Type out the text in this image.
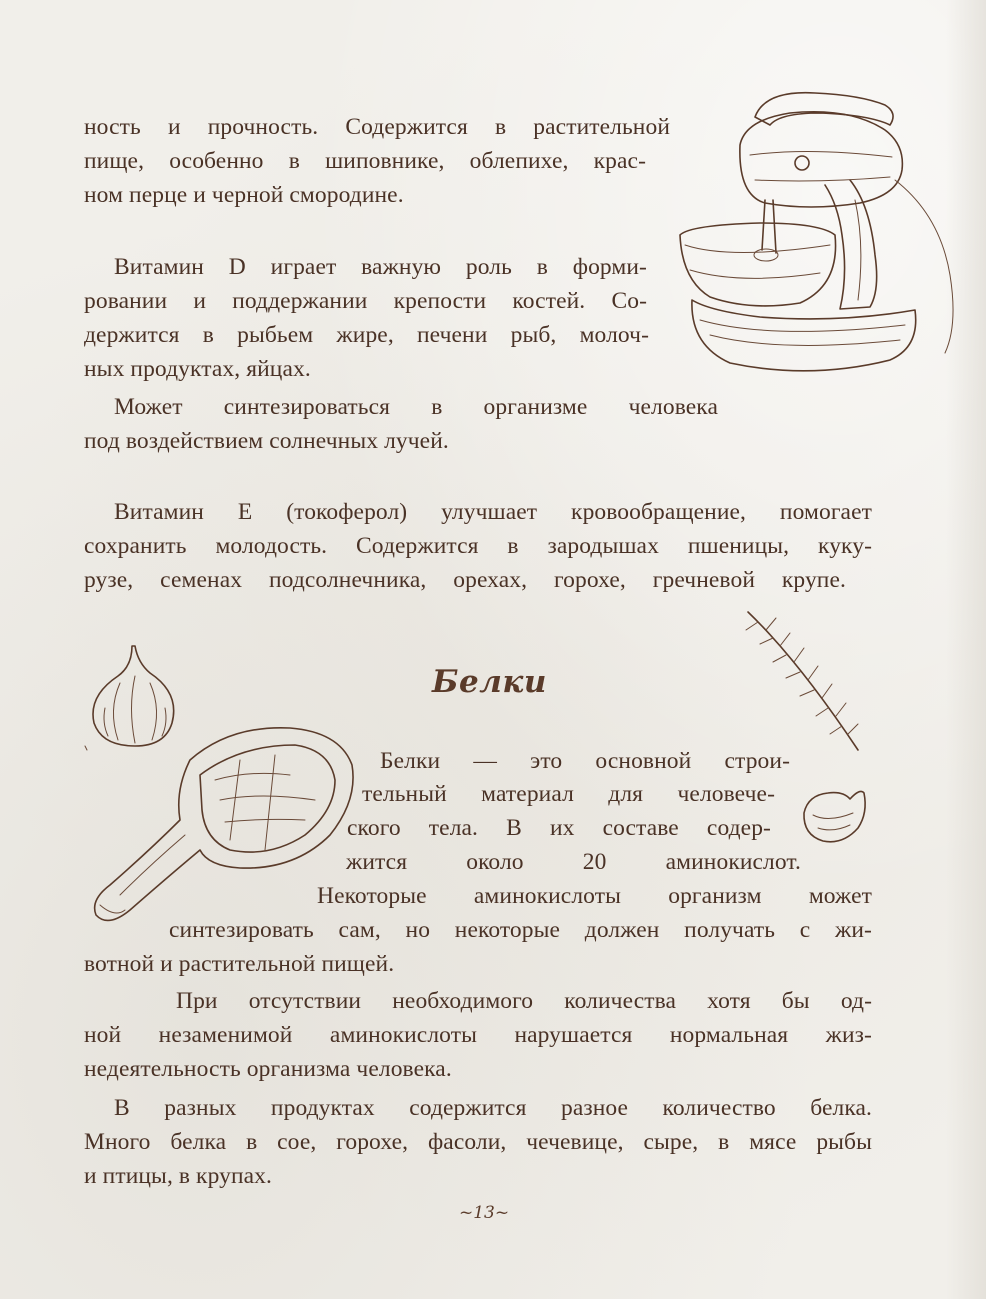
ность и прочность. Содержится в растительной

пище, особенно в шиповнике, облепихе, крас-

ном перце и черной смородине.

Витамин D играет важную роль в форми-

ровании и поддержании крепости костей. Со-

держится в рыбьем жире, печени рыб, молоч-

ных продуктах, яйцах.

Может синтезироваться в организме человека

под воздействием солнечных лучей.

Витамин Е (токоферол) улучшает кровообращение, помогает

сохранить молодость. Содержится в зародышах пшеницы, куку-

рузе, семенах подсолнечника, орехах, горохе, гречневой крупе.

Белки

Белки — это основной строи-

тельный материал для человече-

ского тела. В их составе содер-

жится около 20 аминокислот.

Некоторые аминокислоты организм может

синтезировать сам, но некоторые должен получать с жи-

вотной и растительной пищей.

При отсутствии необходимого количества хотя бы од-

ной незаменимой аминокислоты нарушается нормальная жиз-

недеятельность организма человека.

В разных продуктах содержится разное количество белка.

Много белка в сое, горохе, фасоли, чечевице, сыре, в мясе рыбы

и птицы, в крупах.

~13~
